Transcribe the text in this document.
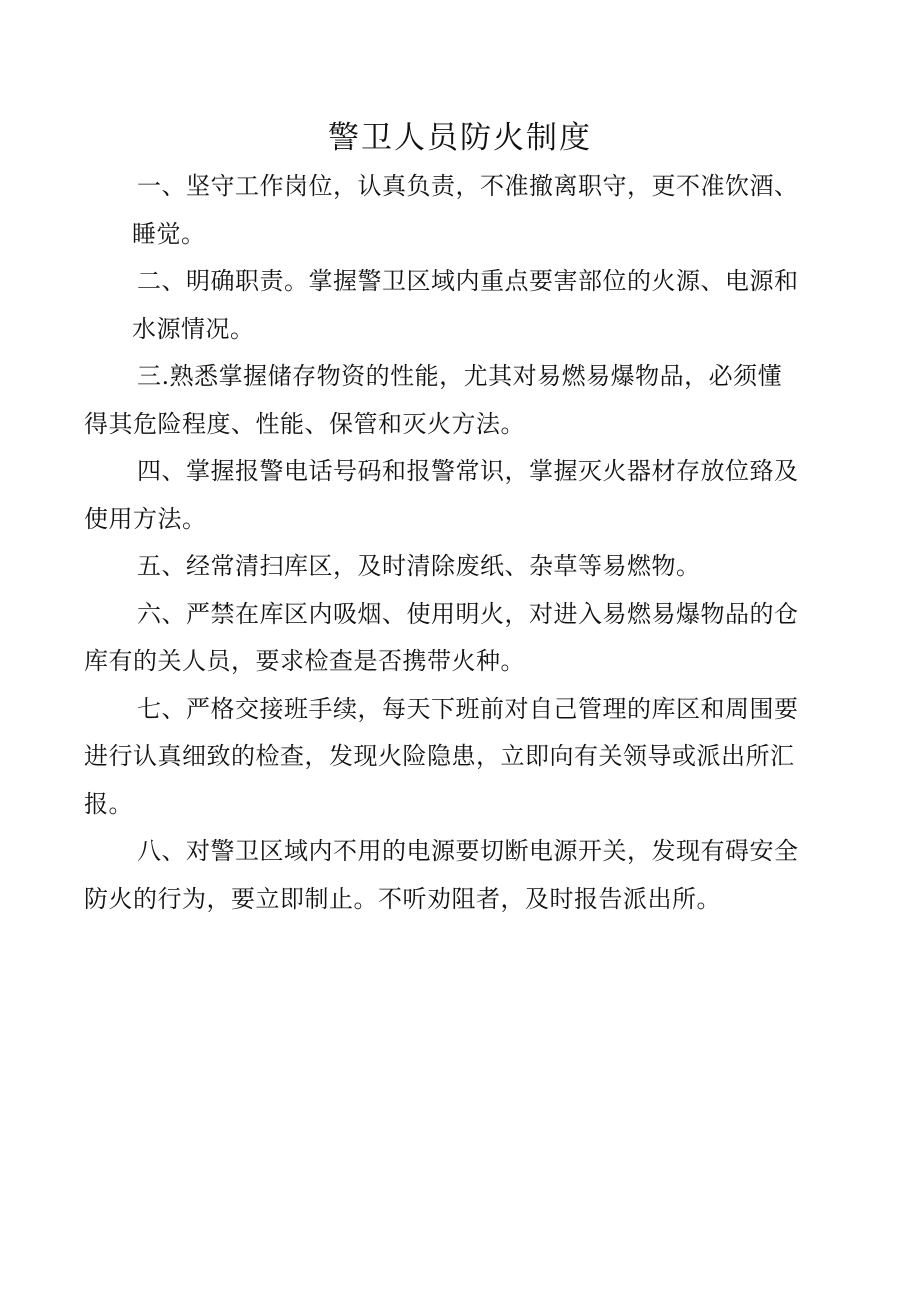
警卫人员防火制度
一、坚守工作岗位，认真负责，不准撤离职守，更不准饮酒、
睡觉。
二、明确职责。掌握警卫区域内重点要害部位的火源、电源和
水源情况。
三.熟悉掌握储存物资的性能，尤其对易燃易爆物品，必须懂
得其危险程度、性能、保管和灭火方法。
四、掌握报警电话号码和报警常识，掌握灭火器材存放位臵及
使用方法。
五、经常清扫库区，及时清除废纸、杂草等易燃物。
六、严禁在库区内吸烟、使用明火，对进入易燃易爆物品的仓
库有的关人员，要求检查是否携带火种。
七、严格交接班手续，每天下班前对自己管理的库区和周围要
进行认真细致的检查，发现火险隐患，立即向有关领导或派出所汇
报。
八、对警卫区域内不用的电源要切断电源开关，发现有碍安全
防火的行为，要立即制止。不听劝阻者，及时报告派出所。
